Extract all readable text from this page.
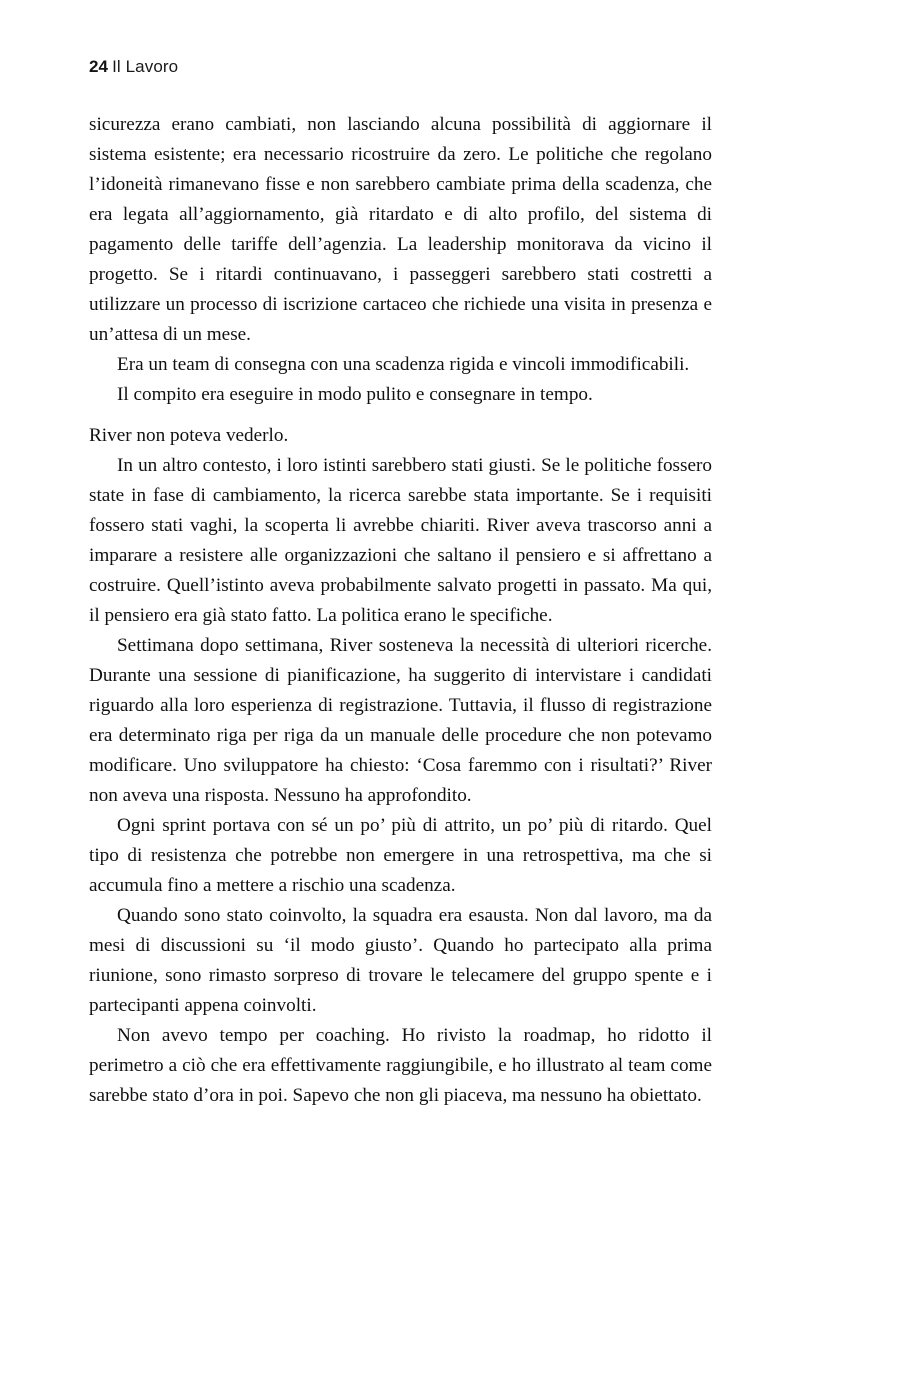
24 Il Lavoro

sicurezza erano cambiati, non lasciando alcuna possibilità di aggiornare il sistema esistente; era necessario ricostruire da zero. Le politiche che regolano l’idoneità rimanevano fisse e non sarebbero cambiate prima della scadenza, che era legata all’aggiornamento, già ritardato e di alto profilo, del sistema di pagamento delle tariffe dell’agenzia. La leadership monitorava da vicino il progetto. Se i ritardi continuavano, i passeggeri sarebbero stati costretti a utilizzare un processo di iscrizione cartaceo che richiede una visita in presenza e un’attesa di un mese.

Era un team di consegna con una scadenza rigida e vincoli immodificabili.

Il compito era eseguire in modo pulito e consegnare in tempo.

River non poteva vederlo.

In un altro contesto, i loro istinti sarebbero stati giusti. Se le politiche fossero state in fase di cambiamento, la ricerca sarebbe stata importante. Se i requisiti fossero stati vaghi, la scoperta li avrebbe chiariti. River aveva trascorso anni a imparare a resistere alle organizzazioni che saltano il pensiero e si affrettano a costruire. Quell’istinto aveva probabilmente salvato progetti in passato. Ma qui, il pensiero era già stato fatto. La politica erano le specifiche.

Settimana dopo settimana, River sosteneva la necessità di ulteriori ricerche. Durante una sessione di pianificazione, ha suggerito di intervistare i candidati riguardo alla loro esperienza di registrazione. Tuttavia, il flusso di registrazione era determinato riga per riga da un manuale delle procedure che non potevamo modificare. Uno sviluppatore ha chiesto: ‘Cosa faremmo con i risultati?’ River non aveva una risposta. Nessuno ha approfondito.

Ogni sprint portava con sé un po’ più di attrito, un po’ più di ritardo. Quel tipo di resistenza che potrebbe non emergere in una retrospettiva, ma che si accumula fino a mettere a rischio una scadenza.

Quando sono stato coinvolto, la squadra era esausta. Non dal lavoro, ma da mesi di discussioni su ‘il modo giusto’. Quando ho partecipato alla prima riunione, sono rimasto sorpreso di trovare le telecamere del gruppo spente e i partecipanti appena coinvolti.

Non avevo tempo per coaching. Ho rivisto la roadmap, ho ridotto il perimetro a ciò che era effettivamente raggiungibile, e ho illustrato al team come sarebbe stato d’ora in poi. Sapevo che non gli piaceva, ma nessuno ha obiettato.
